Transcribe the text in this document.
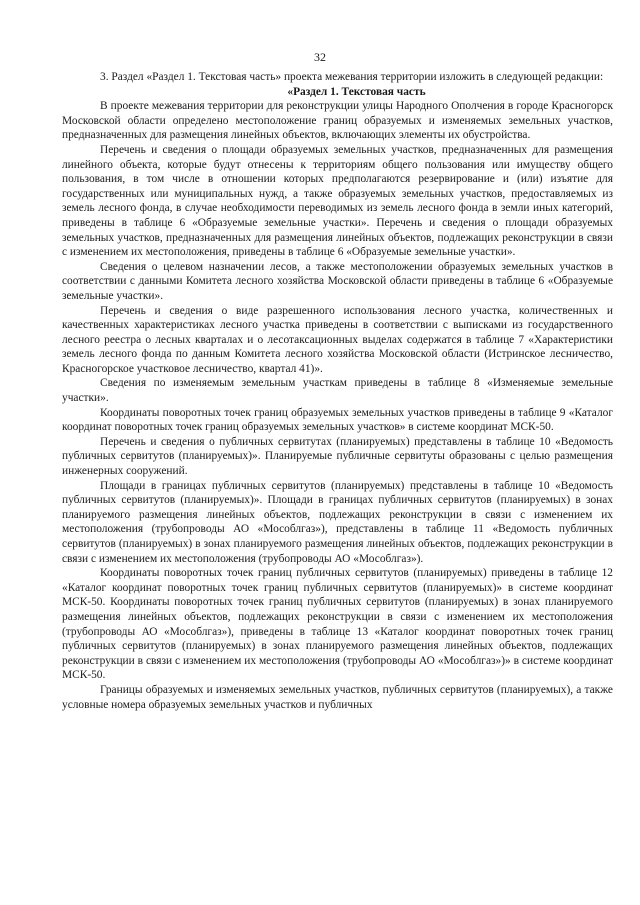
32

3. Раздел «Раздел 1. Текстовая часть» проекта межевания территории изложить в следующей редакции:

«Раздел 1. Текстовая часть

В проекте межевания территории для реконструкции улицы Народного Ополчения в городе Красногорск Московской области определено местоположение границ образуемых и изменяемых земельных участков, предназначенных для размещения линейных объектов, включающих элементы их обустройства.

Перечень и сведения о площади образуемых земельных участков, предназначенных для размещения линейного объекта, которые будут отнесены к территориям общего пользования или имуществу общего пользования, в том числе в отношении которых предполагаются резервирование и (или) изъятие для государственных или муниципальных нужд, а также образуемых земельных участков, предоставляемых из земель лесного фонда, в случае необходимости переводимых из земель лесного фонда в земли иных категорий, приведены в таблице 6 «Образуемые земельные участки». Перечень и сведения о площади образуемых земельных участков, предназначенных для размещения линейных объектов, подлежащих реконструкции в связи с изменением их местоположения, приведены в таблице 6 «Образуемые земельные участки».

Сведения о целевом назначении лесов, а также местоположении образуемых земельных участков в соответствии с данными Комитета лесного хозяйства Московской области приведены в таблице 6 «Образуемые земельные участки».

Перечень и сведения о виде разрешенного использования лесного участка, количественных и качественных характеристиках лесного участка приведены в соответствии с выписками из государственного лесного реестра о лесных кварталах и о лесотаксационных выделах содержатся в таблице 7 «Характеристики земель лесного фонда по данным Комитета лесного хозяйства Московской области (Истринское лесничество, Красногорское участковое лесничество, квартал 41)».

Сведения по изменяемым земельным участкам приведены в таблице 8 «Изменяемые земельные участки».

Координаты поворотных точек границ образуемых земельных участков приведены в таблице 9 «Каталог координат поворотных точек границ образуемых земельных участков» в системе координат МСК-50.

Перечень и сведения о публичных сервитутах (планируемых) представлены в таблице 10 «Ведомость публичных сервитутов (планируемых)». Планируемые публичные сервитуты образованы с целью размещения инженерных сооружений.

Площади в границах публичных сервитутов (планируемых) представлены в таблице 10 «Ведомость публичных сервитутов (планируемых)». Площади в границах публичных сервитутов (планируемых) в зонах планируемого размещения линейных объектов, подлежащих реконструкции в связи с изменением их местоположения (трубопроводы АО «Мособлгаз»), представлены в таблице 11 «Ведомость публичных сервитутов (планируемых) в зонах планируемого размещения линейных объектов, подлежащих реконструкции в связи с изменением их местоположения (трубопроводы АО «Мособлгаз»).

Координаты поворотных точек границ публичных сервитутов (планируемых) приведены в таблице 12 «Каталог координат поворотных точек границ публичных сервитутов (планируемых)» в системе координат МСК-50. Координаты поворотных точек границ публичных сервитутов (планируемых) в зонах планируемого размещения линейных объектов, подлежащих реконструкции в связи с изменением их местоположения (трубопроводы АО «Мособлгаз»), приведены в таблице 13 «Каталог координат поворотных точек границ публичных сервитутов (планируемых) в зонах планируемого размещения линейных объектов, подлежащих реконструкции в связи с изменением их местоположения (трубопроводы АО «Мособлгаз»)» в системе координат МСК-50.

Границы образуемых и изменяемых земельных участков, публичных сервитутов (планируемых), а также условные номера образуемых земельных участков и публичных
